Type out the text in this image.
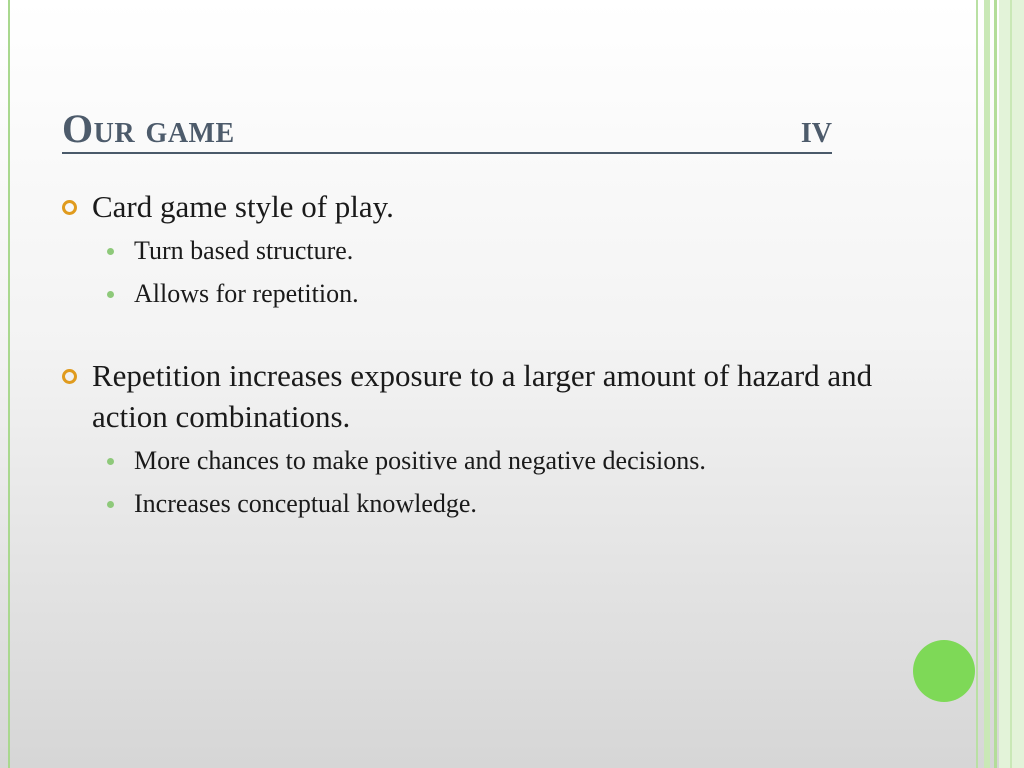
Our game	iv
Card game style of play.
Turn based structure.
Allows for repetition.
Repetition increases exposure to a larger amount of hazard and action combinations.
More chances to make positive and negative decisions.
Increases conceptual knowledge.
